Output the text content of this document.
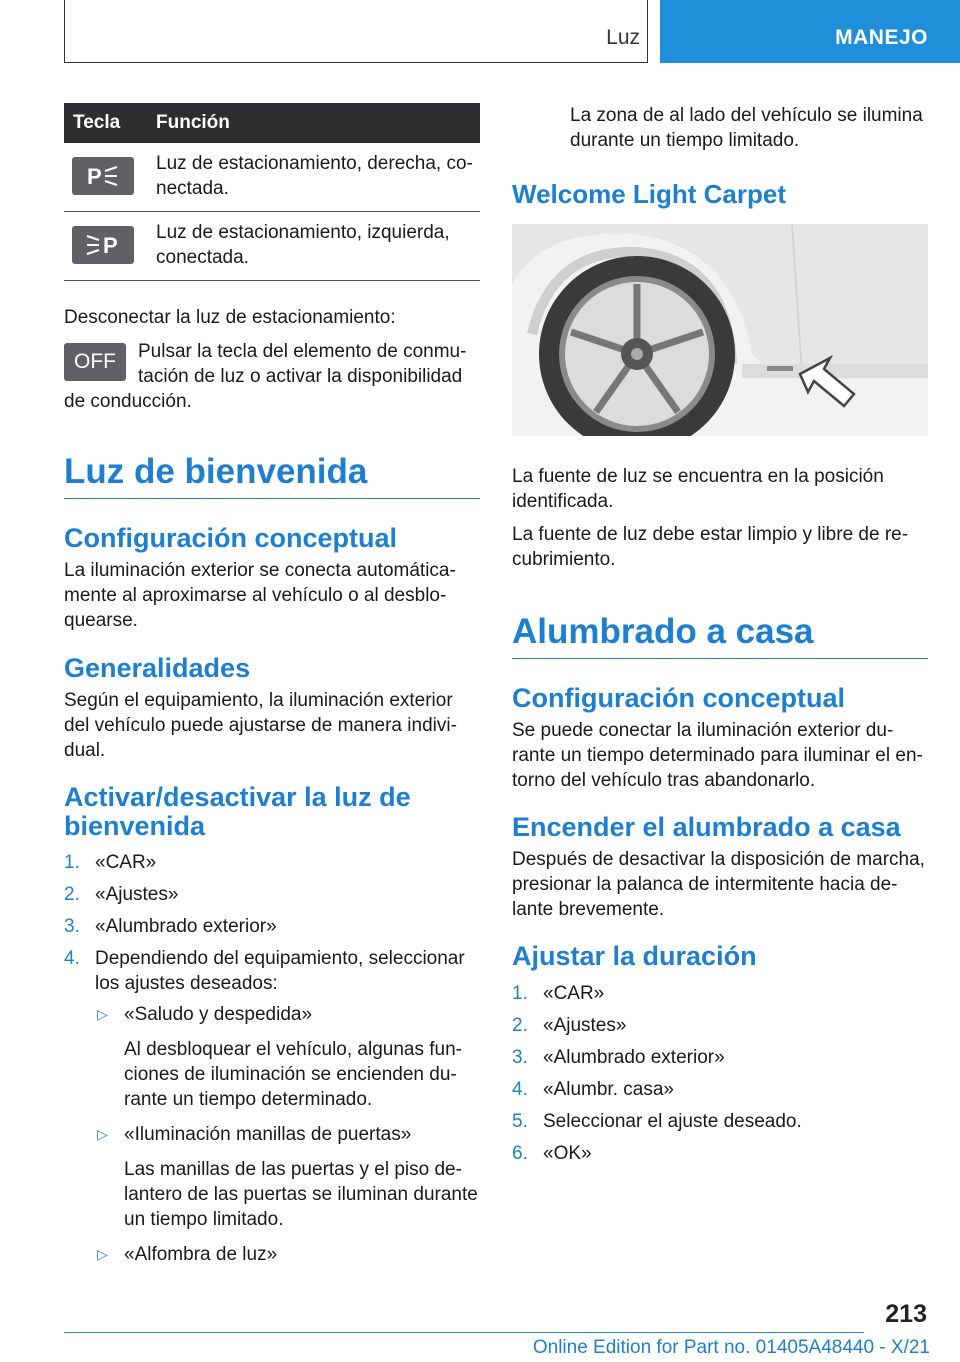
Luz	MANEJO
Tecla	Función

P	Luz de estacionamiento, derecha, co-nectada.

P	Luz de estacionamiento, izquierda, conectada.

Desconectar la luz de estacionamiento:

OFF	Pulsar la tecla del elemento de conmu-tación de luz o activar la disponibilidad de conducción.

Luz de bienvenida
Configuración conceptual

La iluminación exterior se conecta automática-mente al aproximarse al vehículo o al desblo-quearse.

Generalidades

Según el equipamiento, la iluminación exterior del vehículo puede ajustarse de manera indivi-dual.

Activar/desactivar la luz de bienvenida
1. «CAR»
2. «Ajustes»
3. «Alumbrado exterior»
4. Dependiendo del equipamiento, seleccionar los ajustes deseados:
▷ «Saludo y despedida»
Al desbloquear el vehículo, algunas fun-ciones de iluminación se encienden du-rante un tiempo determinado.
▷ «Iluminación manillas de puertas»
Las manillas de las puertas y el piso de-lantero de las puertas se iluminan durante un tiempo limitado.
▷ «Alfombra de luz»

La zona de al lado del vehículo se ilumina durante un tiempo limitado.

Welcome Light Carpet

La fuente de luz se encuentra en la posición identificada.

La fuente de luz debe estar limpio y libre de re-cubrimiento.

Alumbrado a casa
Configuración conceptual

Se puede conectar la iluminación exterior du-rante un tiempo determinado para iluminar el en-torno del vehículo tras abandonarlo.

Encender el alumbrado a casa

Después de desactivar la disposición de marcha, presionar la palanca de intermitente hacia de-lante brevemente.

Ajustar la duración
1. «CAR»
2. «Ajustes»
3. «Alumbrado exterior»
4. «Alumbr. casa»
5. Seleccionar el ajuste deseado.
6. «OK»
213
Online Edition for Part no. 01405A48440 - X/21
